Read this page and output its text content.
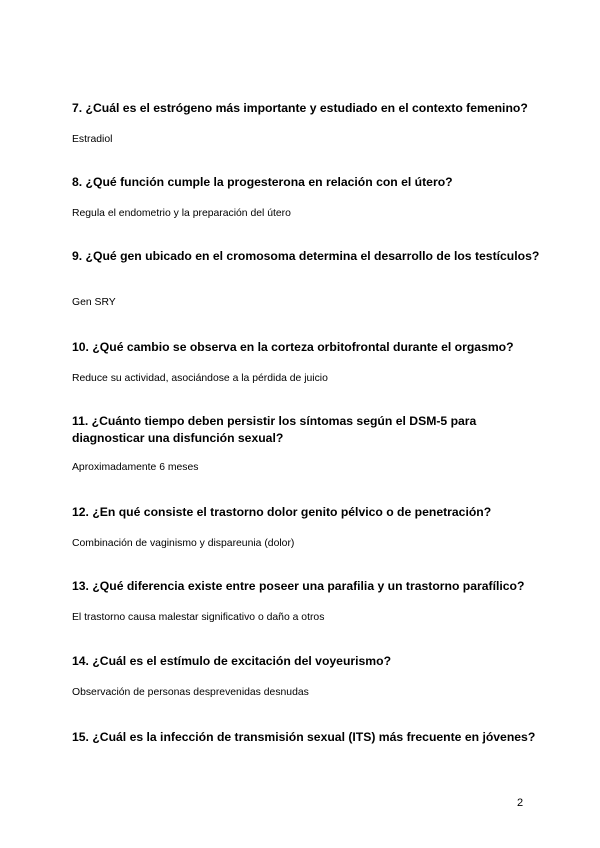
7. ¿Cuál es el estrógeno más importante y estudiado en el contexto femenino?

Estradiol

8. ¿Qué función cumple la progesterona en relación con el útero?

Regula el endometrio y la preparación del útero

9. ¿Qué gen ubicado en el cromosoma determina el desarrollo de los testículos?

Gen SRY

10. ¿Qué cambio se observa en la corteza orbitofrontal durante el orgasmo?

Reduce su actividad, asociándose a la pérdida de juicio

11. ¿Cuánto tiempo deben persistir los síntomas según el DSM-5 para diagnosticar una disfunción sexual?

Aproximadamente 6 meses

12. ¿En qué consiste el trastorno dolor genito pélvico o de penetración?

Combinación de vaginismo y dispareunia (dolor)

13. ¿Qué diferencia existe entre poseer una parafilia y un trastorno parafílico?

El trastorno causa malestar significativo o daño a otros

14. ¿Cuál es el estímulo de excitación del voyeurismo?

Observación de personas desprevenidas desnudas

15. ¿Cuál es la infección de transmisión sexual (ITS) más frecuente en jóvenes?

2
